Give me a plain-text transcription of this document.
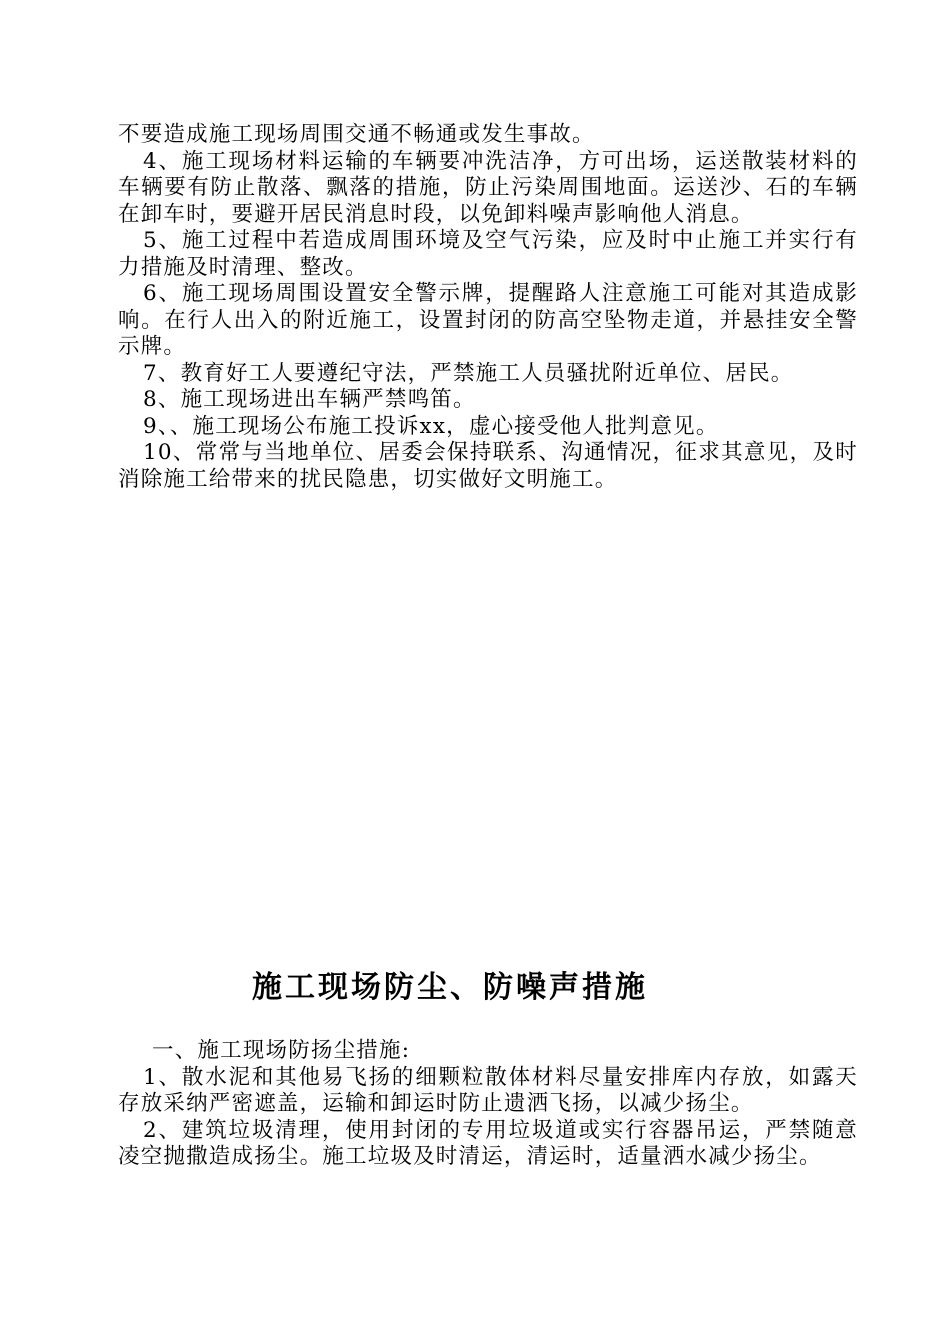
不要造成施工现场周围交通不畅通或发生事故。

4、施工现场材料运输的车辆要冲洗洁净，方可出场，运送散装材料的车辆要有防止散落、飘落的措施，防止污染周围地面。运送沙、石的车辆在卸车时，要避开居民消息时段，以免卸料噪声影响他人消息。

5、施工过程中若造成周围环境及空气污染，应及时中止施工并实行有力措施及时清理、整改。

6、施工现场周围设置安全警示牌，提醒路人注意施工可能对其造成影响。在行人出入的附近施工，设置封闭的防高空坠物走道，并悬挂安全警示牌。

7、教育好工人要遵纪守法，严禁施工人员骚扰附近单位、居民。

8、施工现场进出车辆严禁鸣笛。

9、、施工现场公布施工投诉xx，虚心接受他人批判意见。

10、常常与当地单位、居委会保持联系、沟通情况，征求其意见，及时消除施工给带来的扰民隐患，切实做好文明施工。

施工现场防尘、防噪声措施

一、施工现场防扬尘措施:

1、散水泥和其他易飞扬的细颗粒散体材料尽量安排库内存放，如露天存放采纳严密遮盖，运输和卸运时防止遗洒飞扬，以减少扬尘。

2、建筑垃圾清理，使用封闭的专用垃圾道或实行容器吊运，严禁随意凌空抛撒造成扬尘。施工垃圾及时清运，清运时，适量洒水减少扬尘。
